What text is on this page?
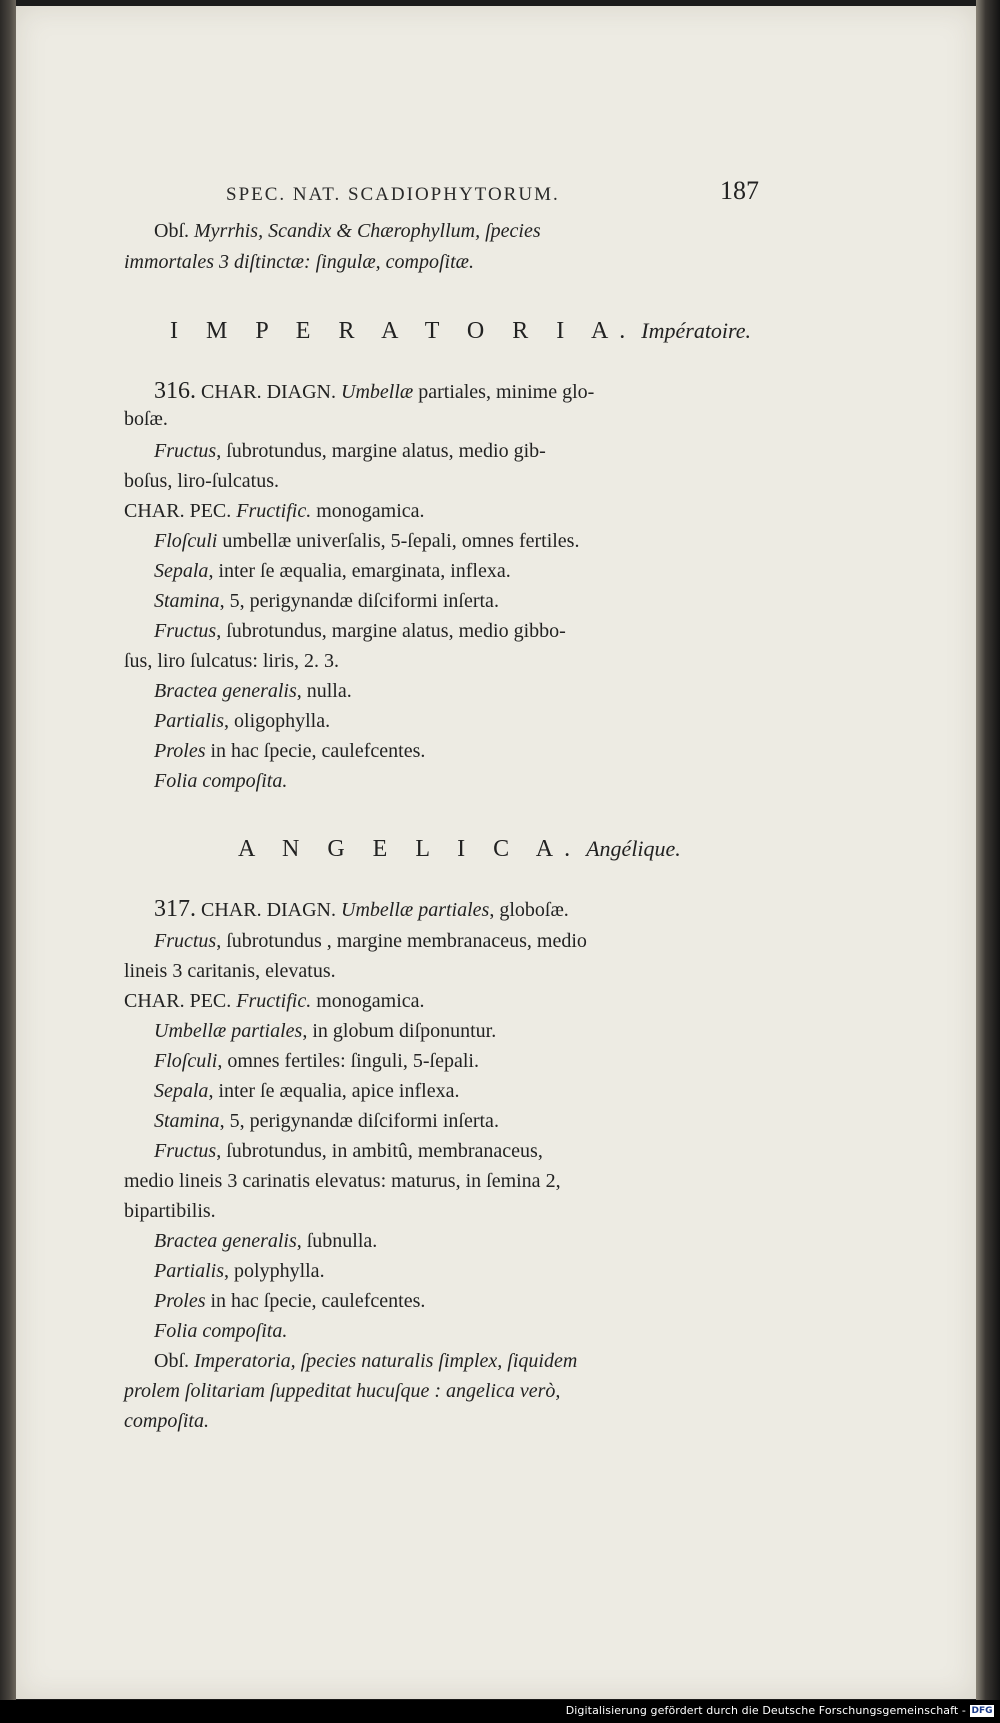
SPEC. NAT. SCADIOPHYTORUM.	187
Obſ. Myrrhis, Scandix & Chærophyllum, ſpecies
immortales 3 diſtinctæ: ſingulæ, compoſitæ.
I M P E R A T O R I A. Impératoire.
316. CHAR. DIAGN. Umbellæ partiales, minime glo-
boſæ.
Fructus, ſubrotundus, margine alatus, medio gib-
boſus, liro-ſulcatus.
CHAR. PEC. Fructific. monogamica.
Floſculi umbellæ univerſalis, 5-ſepali, omnes fertiles.
Sepala, inter ſe æqualia, emarginata, inflexa.
Stamina, 5, perigynandæ diſciformi inſerta.
Fructus, ſubrotundus, margine alatus, medio gibbo-
ſus, liro ſulcatus: liris, 2. 3.
Bractea generalis, nulla.
Partialis, oligophylla.
Proles in hac ſpecie, caulefcentes.
Folia compoſita.
A N G E L I C A. Angélique.
317. CHAR. DIAGN. Umbellæ partiales, globoſæ.
Fructus, ſubrotundus , margine membranaceus, medio
lineis 3 caritanis, elevatus.
CHAR. PEC. Fructific. monogamica.
Umbellæ partiales, in globum diſponuntur.
Floſculi, omnes fertiles: ſinguli, 5-ſepali.
Sepala, inter ſe æqualia, apice inflexa.
Stamina, 5, perigynandæ diſciformi inſerta.
Fructus, ſubrotundus, in ambitû, membranaceus,
medio lineis 3 carinatis elevatus: maturus, in ſemina 2,
bipartibilis.
Bractea generalis, ſubnulla.
Partialis, polyphylla.
Proles in hac ſpecie, caulefcentes.
Folia compoſita.
Obſ. Imperatoria, ſpecies naturalis ſimplex, ſiquidem
prolem ſolitariam ſuppeditat hucuſque : angelica verò,
compoſita.
Digitalisierung gefördert durch die Deutsche Forschungsgemeinschaft - DFG
